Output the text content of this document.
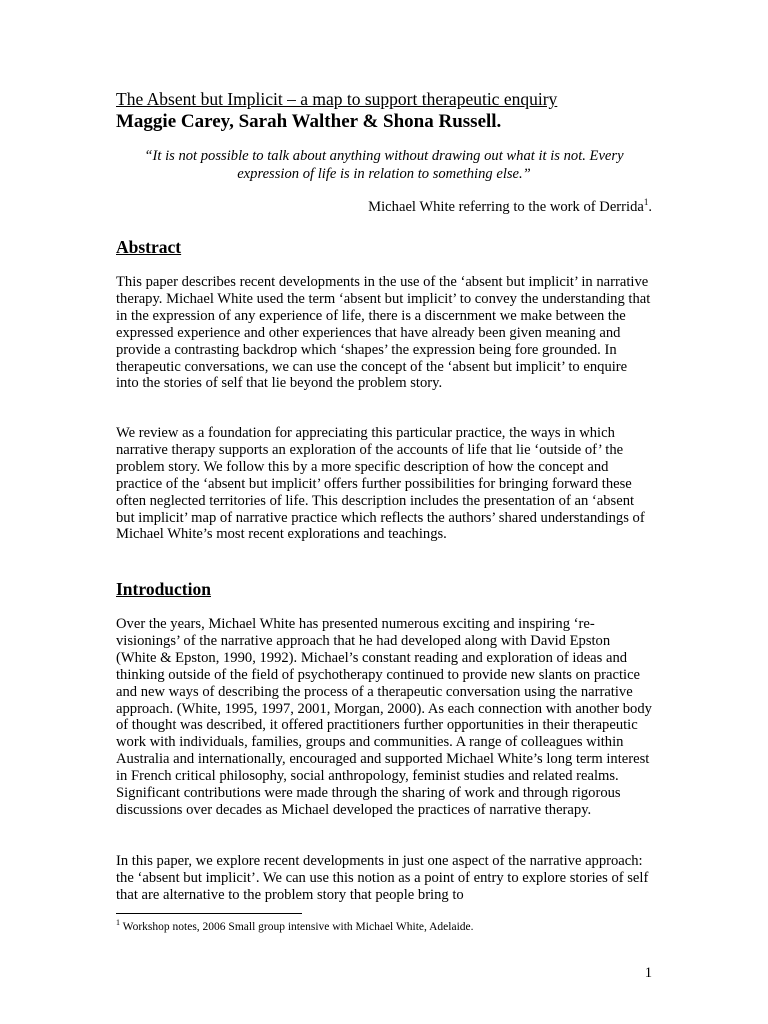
The Absent but Implicit – a map to support therapeutic enquiry
Maggie Carey, Sarah Walther & Shona Russell.
“It is not possible to talk about anything without drawing out what it is not. Every expression of life is in relation to something else.”
Michael White referring to the work of Derrida$^1$.
Abstract
This paper describes recent developments in the use of the ‘absent but implicit’ in narrative therapy. Michael White used the term ‘absent but implicit’ to convey the understanding that in the expression of any experience of life, there is a discernment we make between the expressed experience and other experiences that have already been given meaning and provide a contrasting backdrop which ‘shapes’ the expression being fore grounded. In therapeutic conversations, we can use the concept of the ‘absent but implicit’ to enquire into the stories of self that lie beyond the problem story.
We review as a foundation for appreciating this particular practice, the ways in which narrative therapy supports an exploration of the accounts of life that lie ‘outside of’ the problem story. We follow this by a more specific description of how the concept and practice of the ‘absent but implicit’ offers further possibilities for bringing forward these often neglected territories of life. This description includes the presentation of an ‘absent but implicit’ map of narrative practice which reflects the authors’ shared understandings of Michael White’s most recent explorations and teachings.
Introduction
Over the years, Michael White has presented numerous exciting and inspiring ‘re-visionings’ of the narrative approach that he had developed along with David Epston (White & Epston, 1990, 1992). Michael’s constant reading and exploration of ideas and thinking outside of the field of psychotherapy continued to provide new slants on practice and new ways of describing the process of a therapeutic conversation using the narrative approach. (White, 1995, 1997, 2001, Morgan, 2000). As each connection with another body of thought was described, it offered practitioners further opportunities in their therapeutic work with individuals, families, groups and communities. A range of colleagues within Australia and internationally, encouraged and supported Michael White’s long term interest in French critical philosophy, social anthropology, feminist studies and related realms. Significant contributions were made through the sharing of work and through rigorous discussions over decades as Michael developed the practices of narrative therapy.
In this paper, we explore recent developments in just one aspect of the narrative approach: the ‘absent but implicit’. We can use this notion as a point of entry to explore stories of self that are alternative to the problem story that people bring to
$^1$ Workshop notes, 2006 Small group intensive with Michael White, Adelaide.
1
